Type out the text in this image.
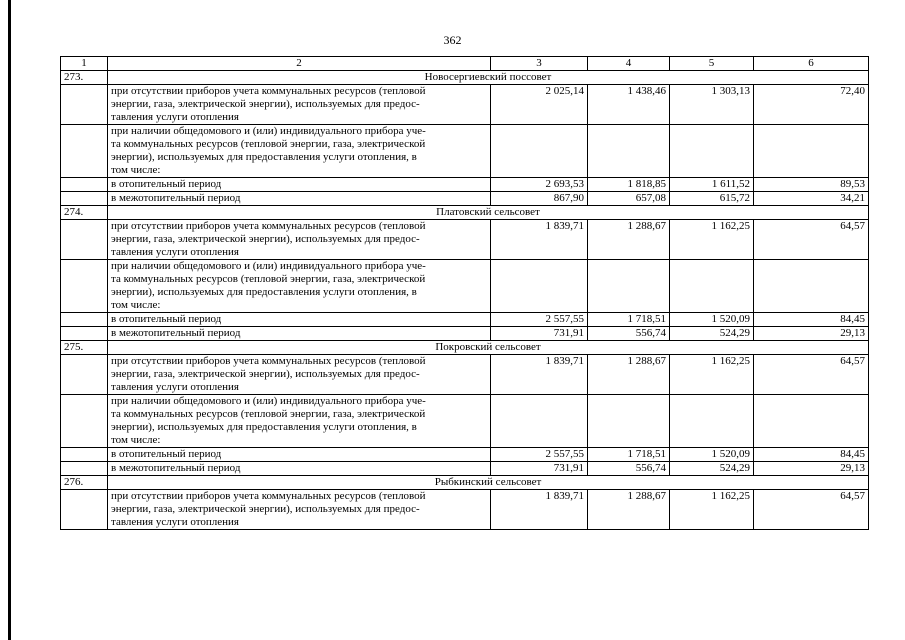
362
1	2	3	4	5	6
273.	Новосергиевский поссовет				

	при отсутствии приборов учета коммунальных ресурсов (тепловой
энергии, газа, электрической энергии), используемых для предос-
тавления услуги отопления	2 025,14	1 438,46	1 303,13	72,40

	при наличии общедомового и (или) индивидуального прибора уче-
та коммунальных ресурсов (тепловой энергии, газа, электрической
энергии), используемых для предоставления услуги отопления, в
том числе:				

	в отопительный период	2 693,53	1 818,85	1 611,52	89,53
	в межотопительный период	867,90	657,08	615,72	34,21
274.	Платовский сельсовет				

	при отсутствии приборов учета коммунальных ресурсов (тепловой
энергии, газа, электрической энергии), используемых для предос-
тавления услуги отопления	1 839,71	1 288,67	1 162,25	64,57

	при наличии общедомового и (или) индивидуального прибора уче-
та коммунальных ресурсов (тепловой энергии, газа, электрической
энергии), используемых для предоставления услуги отопления, в
том числе:				

	в отопительный период	2 557,55	1 718,51	1 520,09	84,45
	в межотопительный период	731,91	556,74	524,29	29,13
275.	Покровский сельсовет				

	при отсутствии приборов учета коммунальных ресурсов (тепловой
энергии, газа, электрической энергии), используемых для предос-
тавления услуги отопления	1 839,71	1 288,67	1 162,25	64,57

	при наличии общедомового и (или) индивидуального прибора уче-
та коммунальных ресурсов (тепловой энергии, газа, электрической
энергии), используемых для предоставления услуги отопления, в
том числе:				

	в отопительный период	2 557,55	1 718,51	1 520,09	84,45
	в межотопительный период	731,91	556,74	524,29	29,13
276.	Рыбкинский сельсовет				

	при отсутствии приборов учета коммунальных ресурсов (тепловой
энергии, газа, электрической энергии), используемых для предос-
тавления услуги отопления	1 839,71	1 288,67	1 162,25	64,57
